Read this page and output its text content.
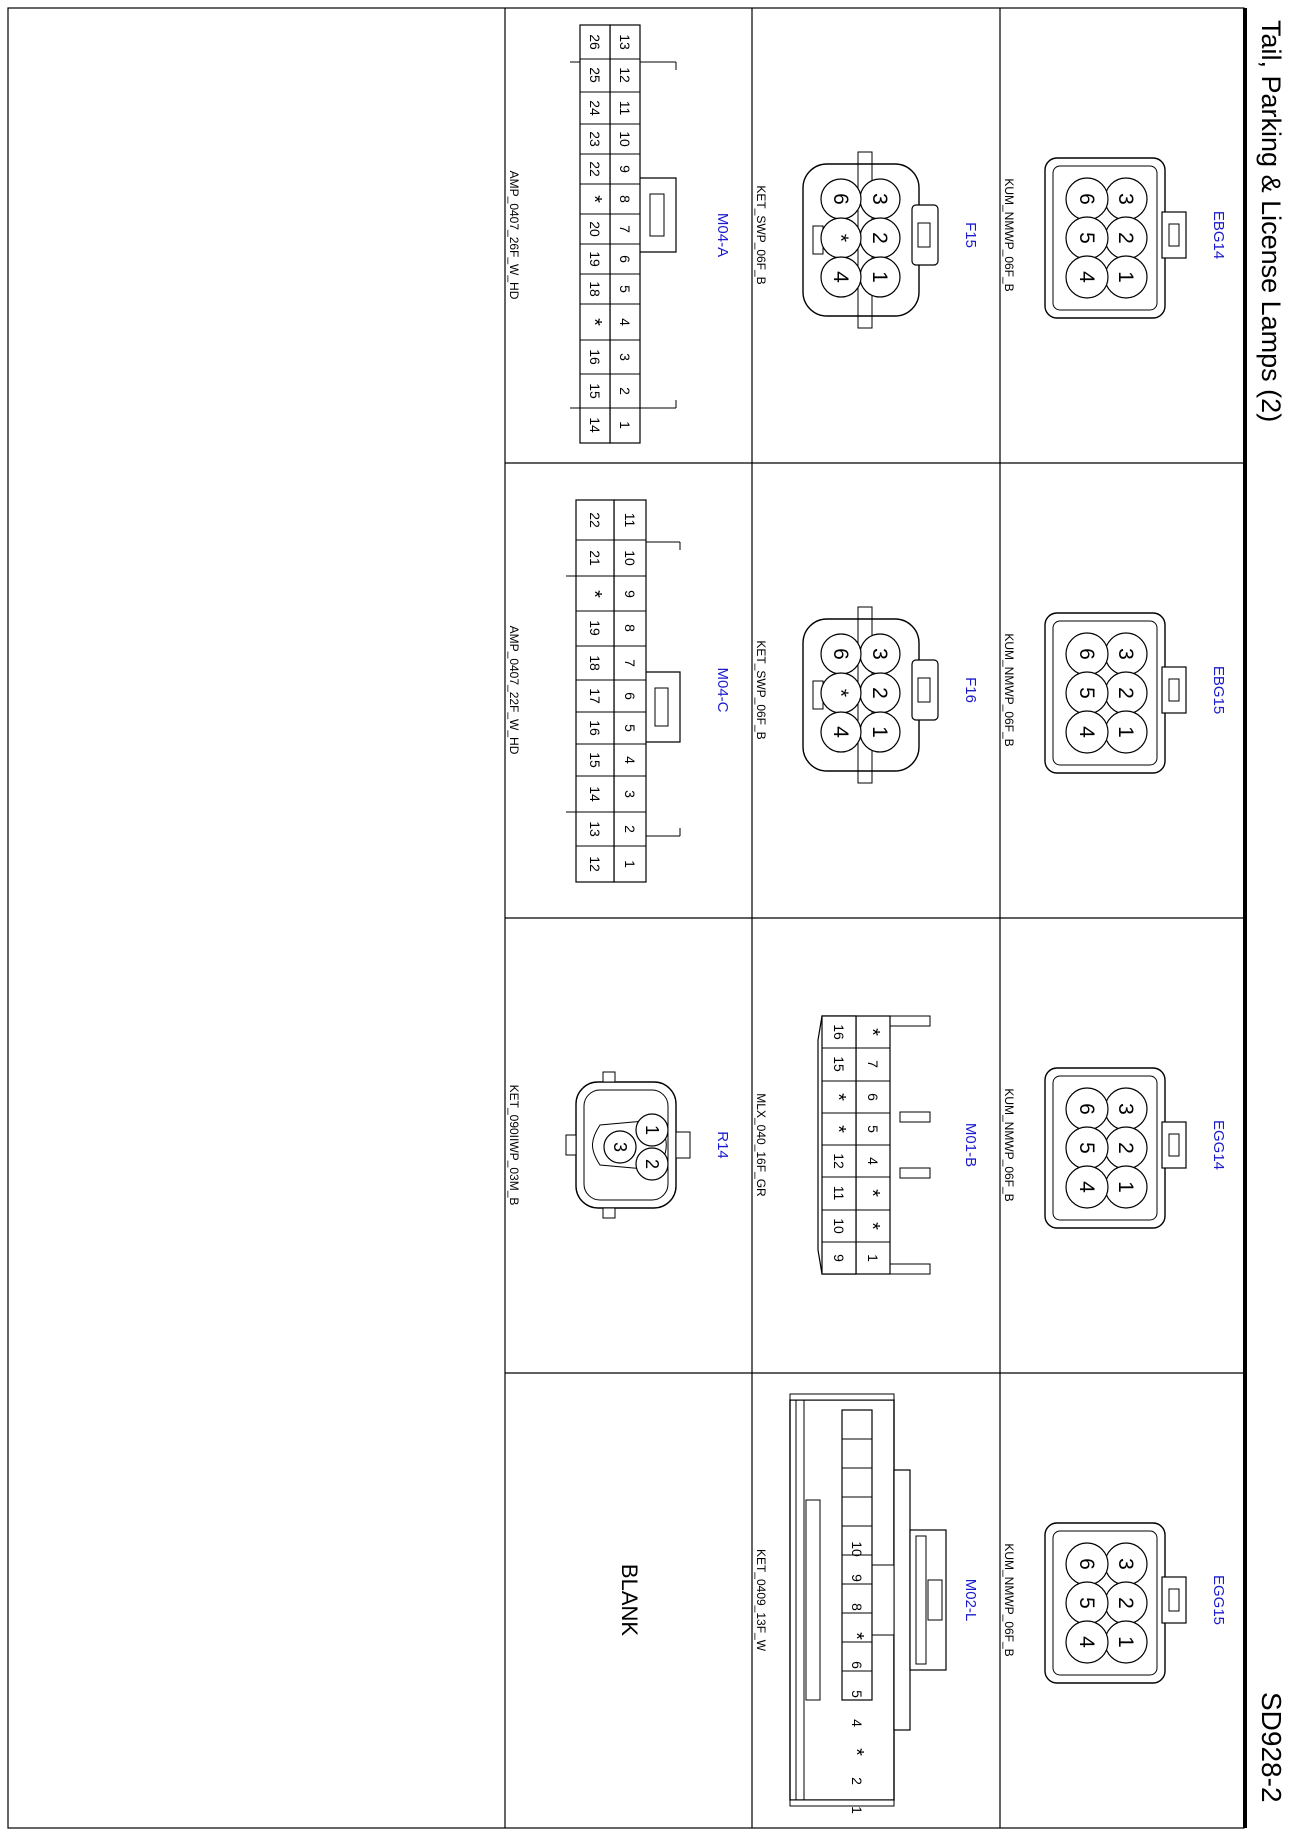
Tail, Parking & License Lamps (2)
SD928-2
EBG14
3
2
1
6
5
4
KUM_NMWP_06F_B
EBG15
3
2
1
6
5
4
KUM_NMWP_06F_B
EGG14
3
2
1
6
5
4
KUM_NMWP_06F_B
EGG15
3
2
1
6
5
4
KUM_NMWP_06F_B
F15
3
2
1
6
*
4
KET_SWP_06F_B
F16
3
2
1
6
*
4
KET_SWP_06F_B
M01-B
1
*
*
4
5
6
7
*
9
10
11
12
*
*
15
16
MLX_040_16F_GR
M02-L
1
2
*
4
5
6
*
8
9
10
KET_0409_13F_W
M04-A
1
2
3
4
5
6
7
8
9
10
11
12
13
14
15
16
*
18
19
20
*
22
23
24
25
26
AMP_0407_26F_W_HD
M04-C
1
2
3
4
5
6
7
8
9
10
11
12
13
14
15
16
17
18
19
*
21
22
AMP_0407_22F_W_HD
R14
1
2
3
KET_090IIWP_03M_B
BLANK
